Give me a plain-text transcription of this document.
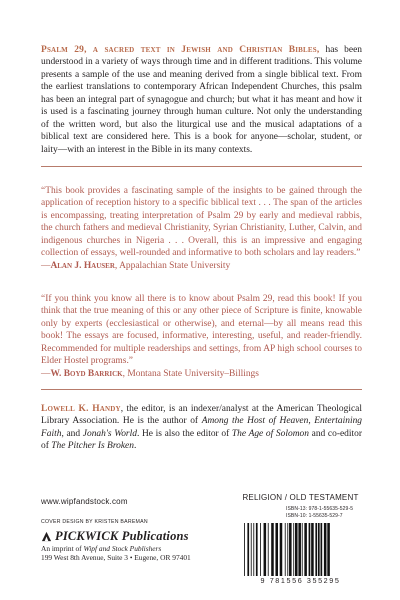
Psalm 29, a sacred text in Jewish and Christian Bibles, has been understood in a variety of ways through time and in different traditions. This volume presents a sample of the use and meaning derived from a single biblical text. From the earliest translations to contemporary African Independent Churches, this psalm has been an integral part of synagogue and church; but what it has meant and how it is used is a fascinating journey through human culture. Not only the understanding of the written word, but also the liturgical use and the musical adaptations of a biblical text are considered here. This is a book for anyone—scholar, student, or laity—with an interest in the Bible in its many contexts.

“This book provides a fascinating sample of the insights to be gained through the application of reception history to a specific biblical text . . . The span of the articles is encompassing, treating interpretation of Psalm 29 by early and medieval rabbis, the church fathers and medieval Christianity, Syrian Christianity, Luther, Calvin, and indigenous churches in Nigeria . . . Overall, this is an impressive and engaging collection of essays, well-rounded and informative to both scholars and lay readers.”
—Alan J. Hauser, Appalachian State University

“If you think you know all there is to know about Psalm 29, read this book! If you think that the true meaning of this or any other piece of Scripture is finite, knowable only by experts (ecclesiastical or otherwise), and eternal—by all means read this book! The essays are focused, informative, interesting, useful, and reader-friendly. Recommended for multiple readerships and settings, from AP high school courses to Elder Hostel programs.”
—W. Boyd Barrick, Montana State University–Billings

Lowell K. Handy, the editor, is an indexer/analyst at the American Theological Library Association. He is the author of Among the Host of Heaven, Entertaining Faith, and Jonah's World. He is also the editor of The Age of Solomon and co-editor of The Pitcher Is Broken.

www.wipfandstock.com
COVER DESIGN BY KRISTEN BAREMAN
PICKWICK Publications
An imprint of Wipf and Stock Publishers
199 West 8th Avenue, Suite 3 • Eugene, OR 97401
RELIGION / OLD TESTAMENT
ISBN-13: 978-1-55635-529-5
ISBN-10: 1-55635-529-7
9 781556 355295
